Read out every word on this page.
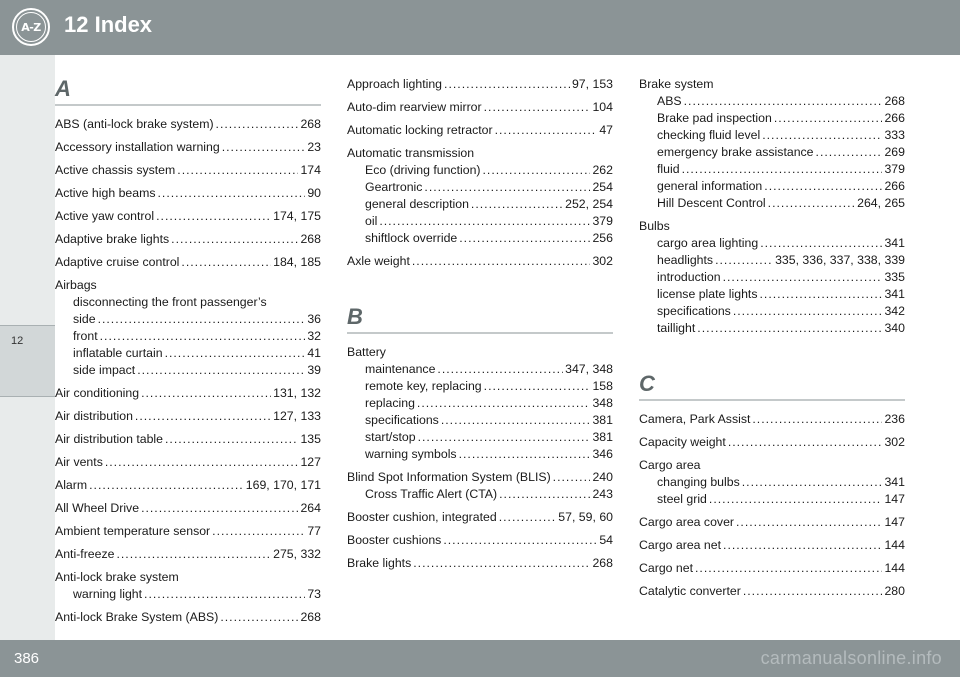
A-Z 12 Index
12
A
ABS (anti-lock brake system) .....	268
Accessory installation warning .....	23
Active chassis system .....	174
Active high beams .....	90
Active yaw control .....	174, 175
Adaptive brake lights .....	268
Adaptive cruise control .....	184, 185
Airbags
disconnecting the front passenger’s
side .....	36
front .....	32
inflatable curtain .....	41
side impact .....	39
Air conditioning .....	131, 132
Air distribution .....	127, 133
Air distribution table .....	135
Air vents .....	127
Alarm .....	169, 170, 171
All Wheel Drive .....	264
Ambient temperature sensor .....	77
Anti-freeze .....	275, 332
Anti-lock brake system
warning light .....	73
Anti-lock Brake System (ABS) .....	268
Approach lighting .....	97, 153
Auto-dim rearview mirror .....	104
Automatic locking retractor .....	47
Automatic transmission
Eco (driving function) .....	262
Geartronic .....	254
general description .....	252, 254
oil .....	379
shiftlock override .....	256
Axle weight .....	302
B
Battery
maintenance .....	347, 348
remote key, replacing .....	158
replacing .....	348
specifications .....	381
start/stop .....	381
warning symbols .....	346
Blind Spot Information System (BLIS) .....	240
Cross Traffic Alert (CTA) .....	243
Booster cushion, integrated .....	57, 59, 60
Booster cushions .....	54
Brake lights .....	268
Brake system
ABS .....	268
Brake pad inspection .....	266
checking fluid level .....	333
emergency brake assistance .....	269
fluid .....	379
general information .....	266
Hill Descent Control .....	264, 265
Bulbs
cargo area lighting .....	341
headlights .....	335, 336, 337, 338, 339
introduction .....	335
license plate lights .....	341
specifications .....	342
taillight .....	340
C
Camera, Park Assist .....	236
Capacity weight .....	302
Cargo area
changing bulbs .....	341
steel grid .....	147
Cargo area cover .....	147
Cargo area net .....	144
Cargo net .....	144
Catalytic converter .....	280
386	carmanualsonline.info
